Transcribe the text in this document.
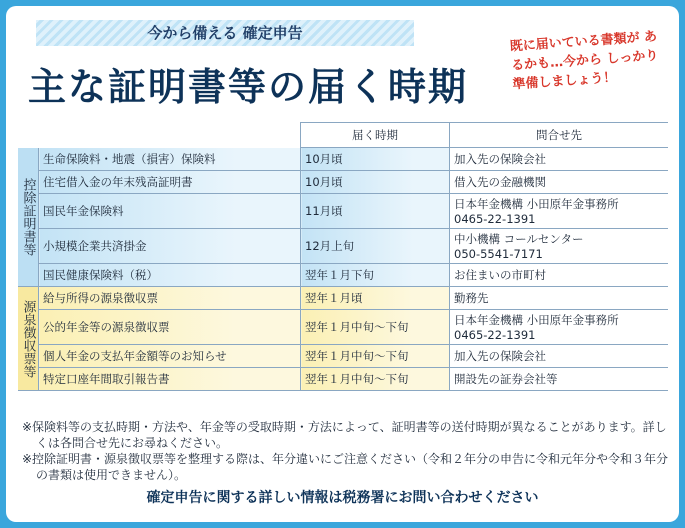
今から備える 確定申告
主な証明書等の届く時期
既に届いている書類が あるかも…今から しっかり準備しましょう！
		届く時期	問合せ先
控除証明書等	生命保険料・地震（損害）保険料	10月頃	加入先の保険会社

	住宅借入金の年末残高証明書	10月頃	借入先の金融機関

	国民年金保険料	11月頃	日本年金機構 小田原年金事務所
0465-22-1391

	小規模企業共済掛金	12月上旬	中小機構 コールセンター
050-5541-7171

	国民健康保険料（税）	翌年１月下旬	お住まいの市町村

源泉徴収票等	給与所得の源泉徴収票	翌年１月頃	勤務先

	公的年金等の源泉徴収票	翌年１月中旬～下旬	日本年金機構 小田原年金事務所
0465-22-1391

	個人年金の支払年金額等のお知らせ	翌年１月中旬～下旬	加入先の保険会社

	特定口座年間取引報告書	翌年１月中旬～下旬	開設先の証券会社等

※保険料等の支払時期・方法や、年金等の受取時期・方法によって、証明書等の送付時期が異なることがあります。詳しくは各問合せ先にお尋ねください。

※控除証明書・源泉徴収票等を整理する際は、年分違いにご注意ください（令和２年分の申告に令和元年分や令和３年分の書類は使用できません）。

確定申告に関する詳しい情報は税務署にお問い合わせください
